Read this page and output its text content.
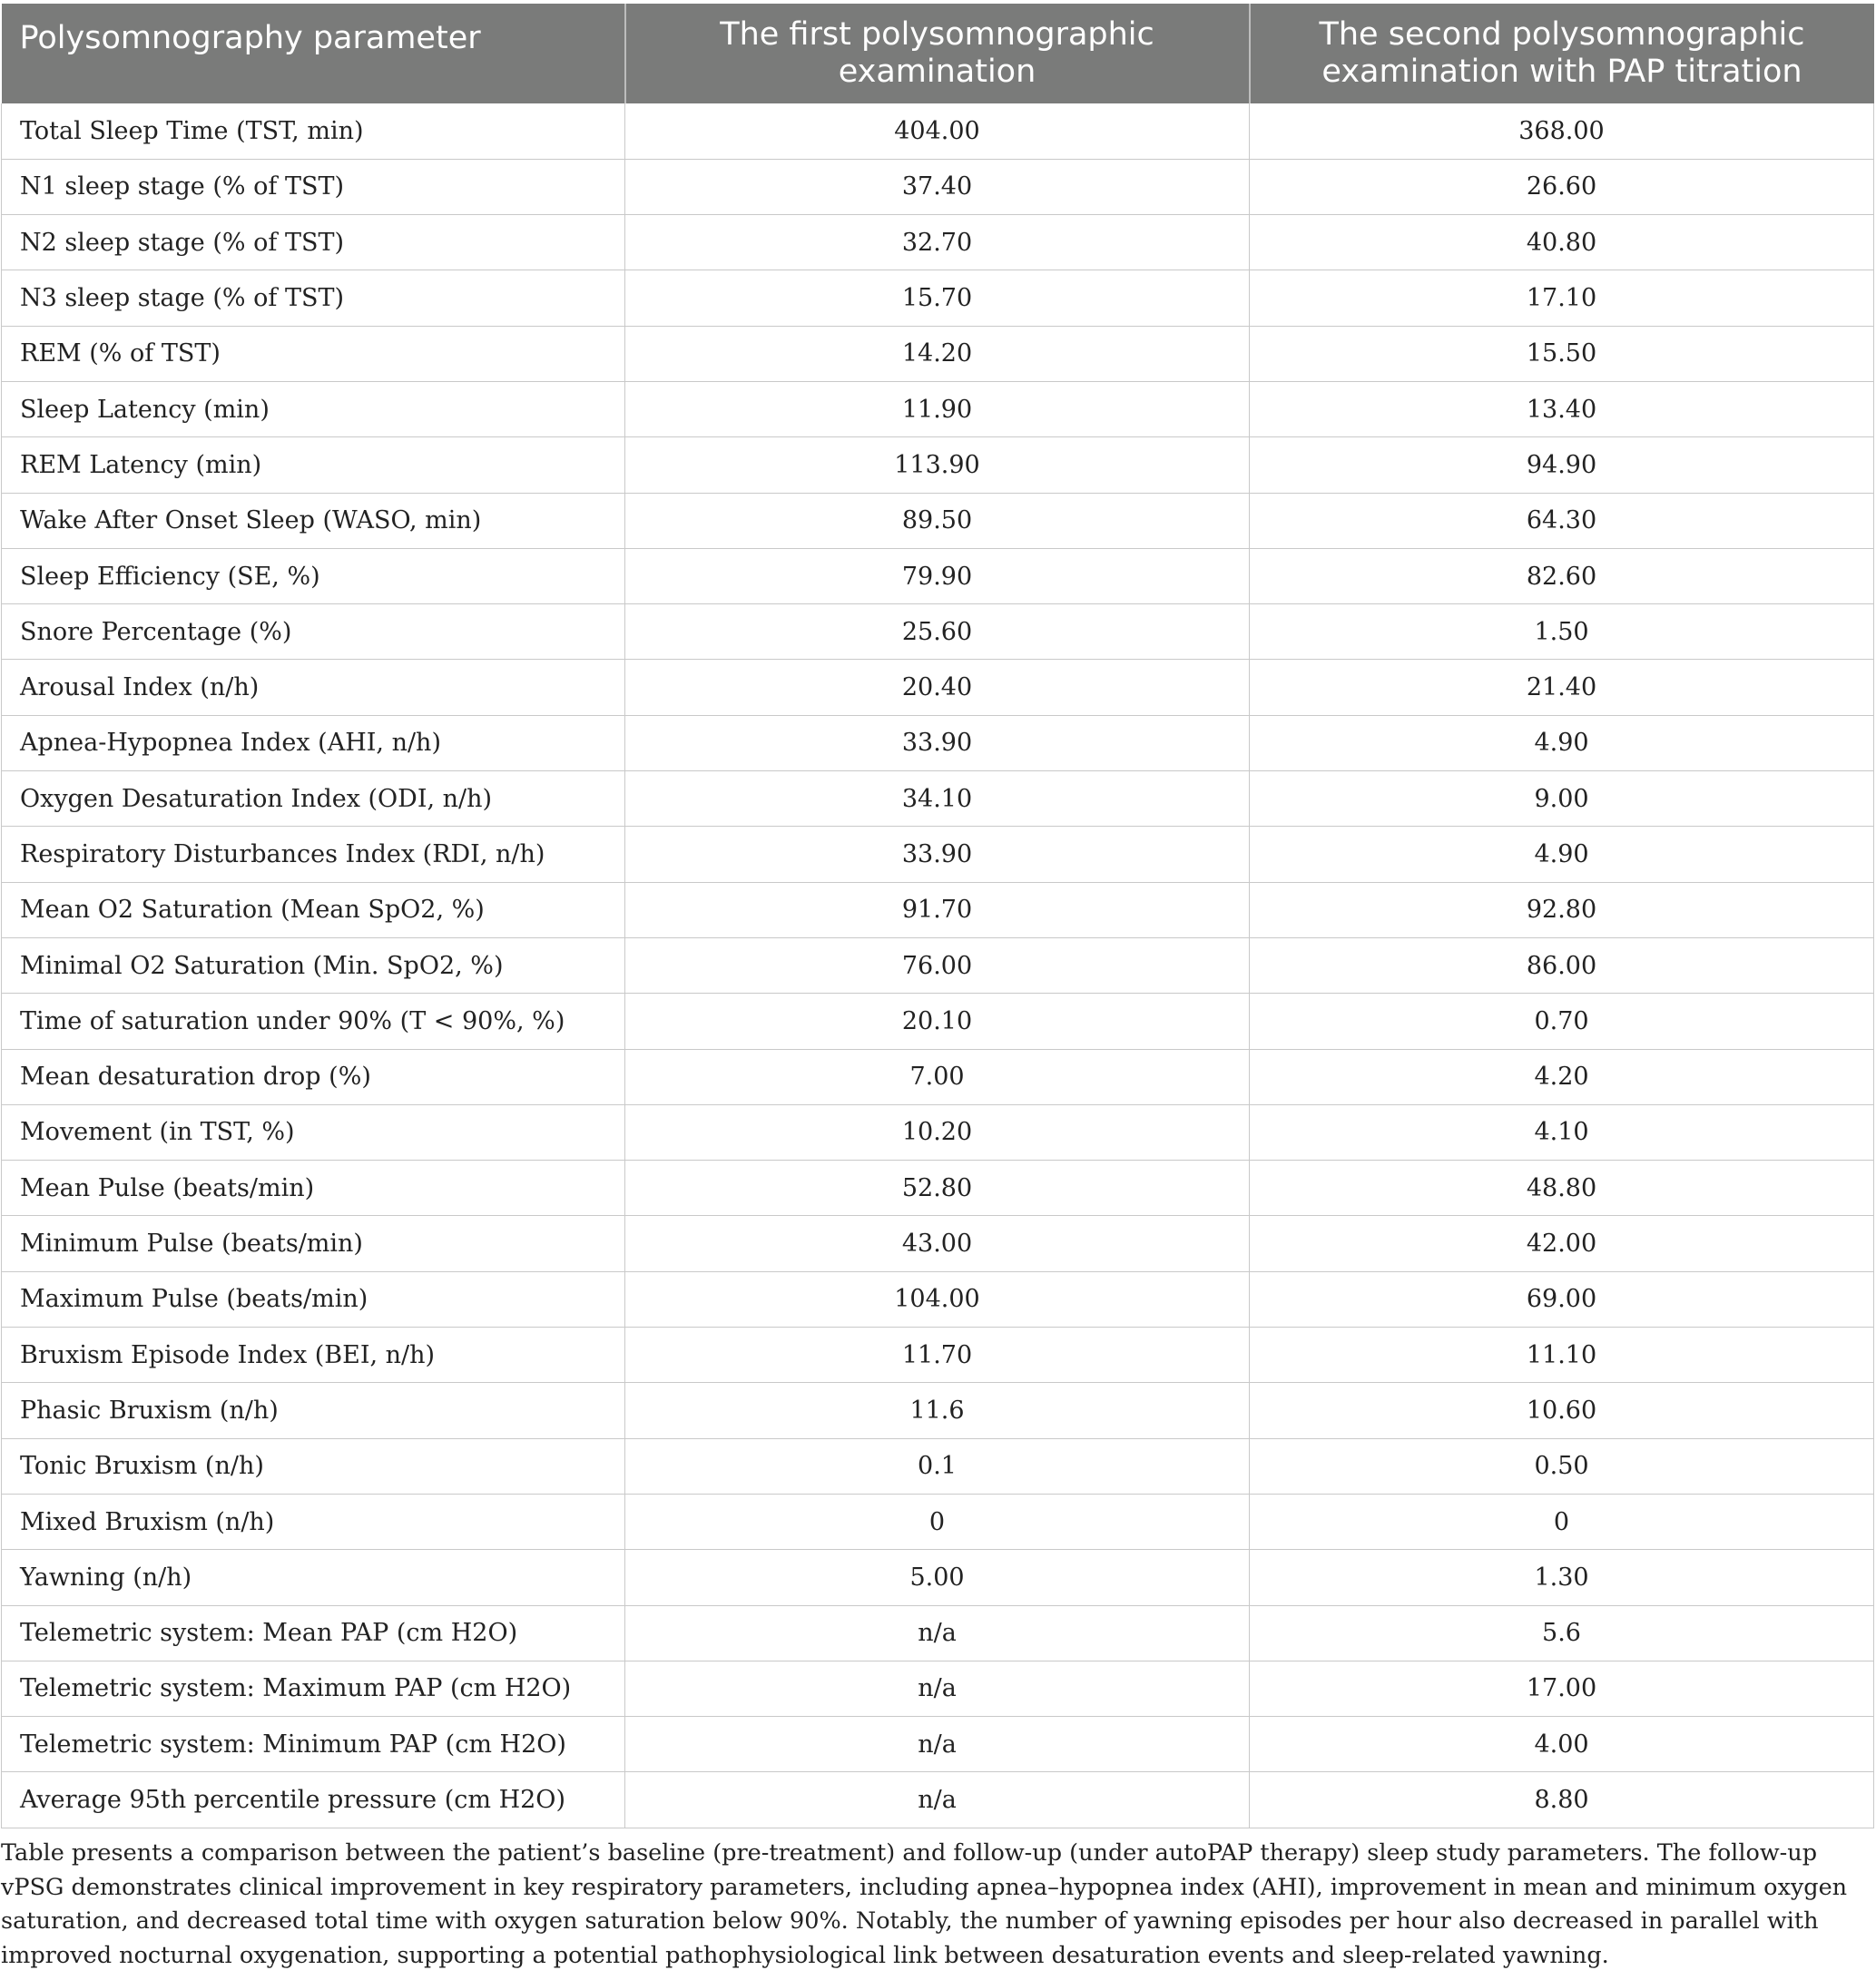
Polysomnography parameter	The first polysomnographic examination	The second polysomnographic examination with PAP titration
Total Sleep Time (TST, min)	404.00	368.00
N1 sleep stage (% of TST)	37.40	26.60
N2 sleep stage (% of TST)	32.70	40.80
N3 sleep stage (% of TST)	15.70	17.10
REM (% of TST)	14.20	15.50
Sleep Latency (min)	11.90	13.40
REM Latency (min)	113.90	94.90
Wake After Onset Sleep (WASO, min)	89.50	64.30
Sleep Efficiency (SE, %)	79.90	82.60
Snore Percentage (%)	25.60	1.50
Arousal Index (n/h)	20.40	21.40
Apnea-Hypopnea Index (AHI, n/h)	33.90	4.90
Oxygen Desaturation Index (ODI, n/h)	34.10	9.00
Respiratory Disturbances Index (RDI, n/h)	33.90	4.90
Mean O2 Saturation (Mean SpO2, %)	91.70	92.80
Minimal O2 Saturation (Min. SpO2, %)	76.00	86.00
Time of saturation under 90% (T < 90%, %)	20.10	0.70
Mean desaturation drop (%)	7.00	4.20
Movement (in TST, %)	10.20	4.10
Mean Pulse (beats/min)	52.80	48.80
Minimum Pulse (beats/min)	43.00	42.00
Maximum Pulse (beats/min)	104.00	69.00
Bruxism Episode Index (BEI, n/h)	11.70	11.10
Phasic Bruxism (n/h)	11.6	10.60
Tonic Bruxism (n/h)	0.1	0.50
Mixed Bruxism (n/h)	0	0
Yawning (n/h)	5.00	1.30
Telemetric system: Mean PAP (cm H2O)	n/a	5.6
Telemetric system: Maximum PAP (cm H2O)	n/a	17.00
Telemetric system: Minimum PAP (cm H2O)	n/a	4.00
Average 95th percentile pressure (cm H2O)	n/a	8.80
Table presents a comparison between the patient’s baseline (pre-treatment) and follow-up (under autoPAP therapy) sleep study parameters. The follow-up vPSG demonstrates clinical improvement in key respiratory parameters, including apnea–hypopnea index (AHI), improvement in mean and minimum oxygen saturation, and decreased total time with oxygen saturation below 90%. Notably, the number of yawning episodes per hour also decreased in parallel with improved nocturnal oxygenation, supporting a potential pathophysiological link between desaturation events and sleep-related yawning.
